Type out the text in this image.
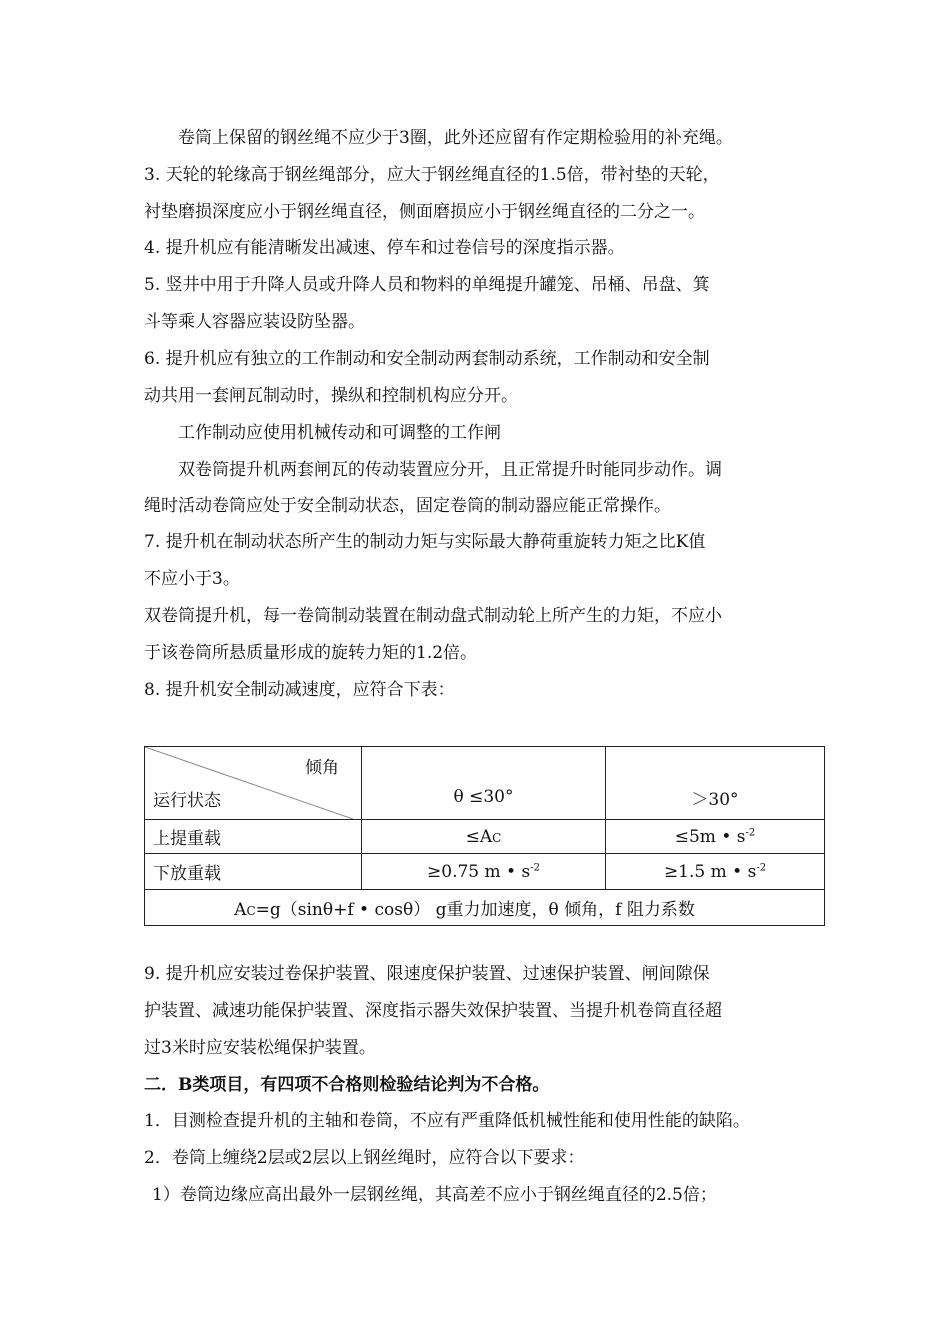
卷筒上保留的钢丝绳不应少于3圈，此外还应留有作定期检验用的补充绳。
3. 天轮的轮缘高于钢丝绳部分，应大于钢丝绳直径的1.5倍，带衬垫的天轮，
衬垫磨损深度应小于钢丝绳直径，侧面磨损应小于钢丝绳直径的二分之一。
4. 提升机应有能清晰发出减速、停车和过卷信号的深度指示器。
5. 竖井中用于升降人员或升降人员和物料的单绳提升罐笼、吊桶、吊盘、箕
斗等乘人容器应装设防坠器。
6. 提升机应有独立的工作制动和安全制动两套制动系统，工作制动和安全制
动共用一套闸瓦制动时，操纵和控制机构应分开。
工作制动应使用机械传动和可调整的工作闸
双卷筒提升机两套闸瓦的传动装置应分开，且正常提升时能同步动作。调
绳时活动卷筒应处于安全制动状态，固定卷筒的制动器应能正常操作。
7. 提升机在制动状态所产生的制动力矩与实际最大静荷重旋转力矩之比K值
不应小于3。
双卷筒提升机，每一卷筒制动装置在制动盘式制动轮上所产生的力矩，不应小
于该卷筒所悬质量形成的旋转力矩的1.2倍。
8. 提升机安全制动减速度，应符合下表：
倾角
运行状态	θ ≤30°	＞30°
上提重载	≤AC	≤5m • $s^{-2}$
下放重载	≥0.75 m • $s^{-2}$	≥1.5 m • $s^{-2}$
AC=g（sinθ+f • cosθ） g重力加速度，θ 倾角，f 阻力系数		
9. 提升机应安装过卷保护装置、限速度保护装置、过速保护装置、闸间隙保
护装置、减速功能保护装置、深度指示器失效保护装置、当提升机卷筒直径超
过3米时应安装松绳保护装置。
二．B类项目，有四项不合格则检验结论判为不合格。
1．目测检查提升机的主轴和卷筒，不应有严重降低机械性能和使用性能的缺陷。
2．卷筒上缠绕2层或2层以上钢丝绳时，应符合以下要求：
1）卷筒边缘应高出最外一层钢丝绳，其高差不应小于钢丝绳直径的2.5倍；
